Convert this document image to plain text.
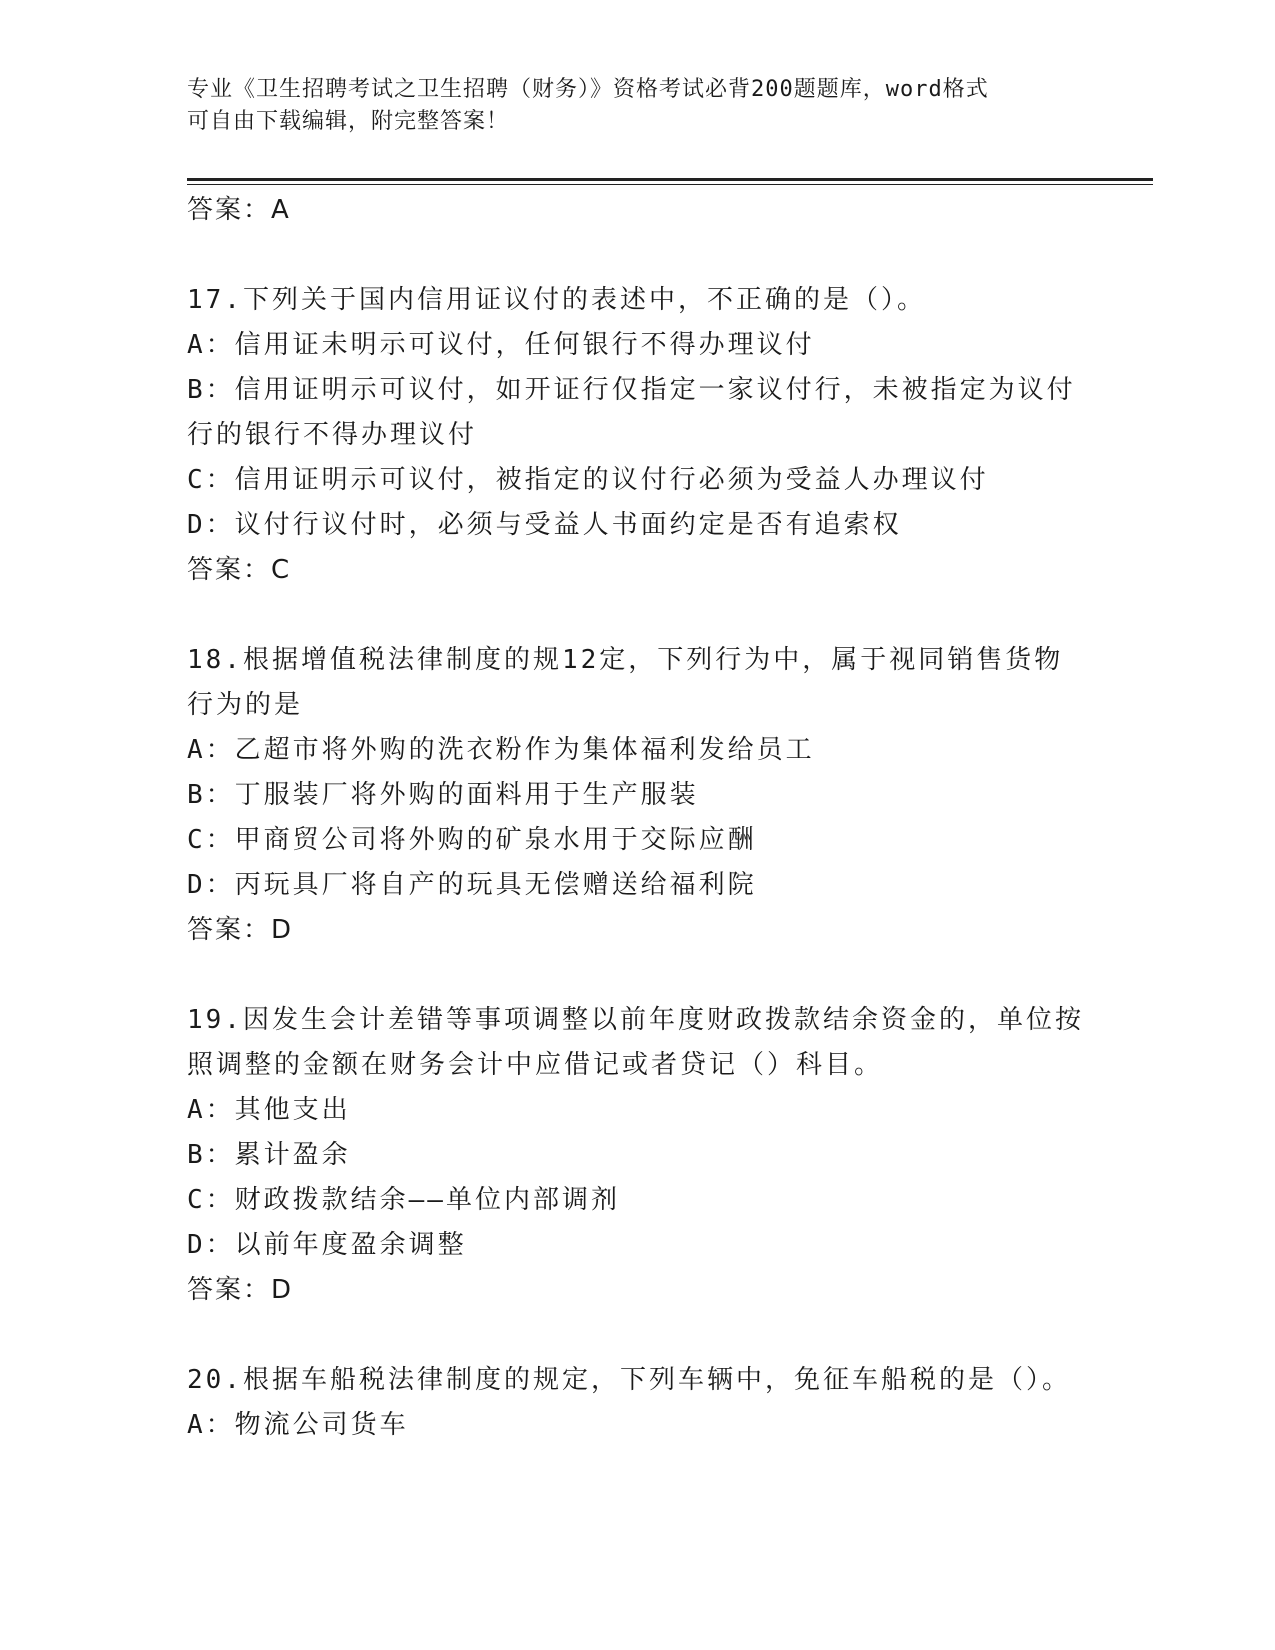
专业《卫生招聘考试之卫生招聘（财务）》资格考试必背200题题库，word格式
可自由下载编辑，附完整答案！
答案：A
17.下列关于国内信用证议付的表述中，不正确的是（）。
A：信用证未明示可议付，任何银行不得办理议付
B：信用证明示可议付，如开证行仅指定一家议付行，未被指定为议付
行的银行不得办理议付
C：信用证明示可议付，被指定的议付行必须为受益人办理议付
D：议付行议付时，必须与受益人书面约定是否有追索权
答案：C
18.根据增值税法律制度的规12定，下列行为中，属于视同销售货物
行为的是
A：乙超市将外购的洗衣粉作为集体福利发给员工
B：丁服装厂将外购的面料用于生产服装
C：甲商贸公司将外购的矿泉水用于交际应酬
D：丙玩具厂将自产的玩具无偿赠送给福利院
答案：D
19.因发生会计差错等事项调整以前年度财政拨款结余资金的，单位按
照调整的金额在财务会计中应借记或者贷记（）科目。
A：其他支出
B：累计盈余
C：财政拨款结余——单位内部调剂
D：以前年度盈余调整
答案：D
20.根据车船税法律制度的规定，下列车辆中，免征车船税的是（）。
A：物流公司货车
